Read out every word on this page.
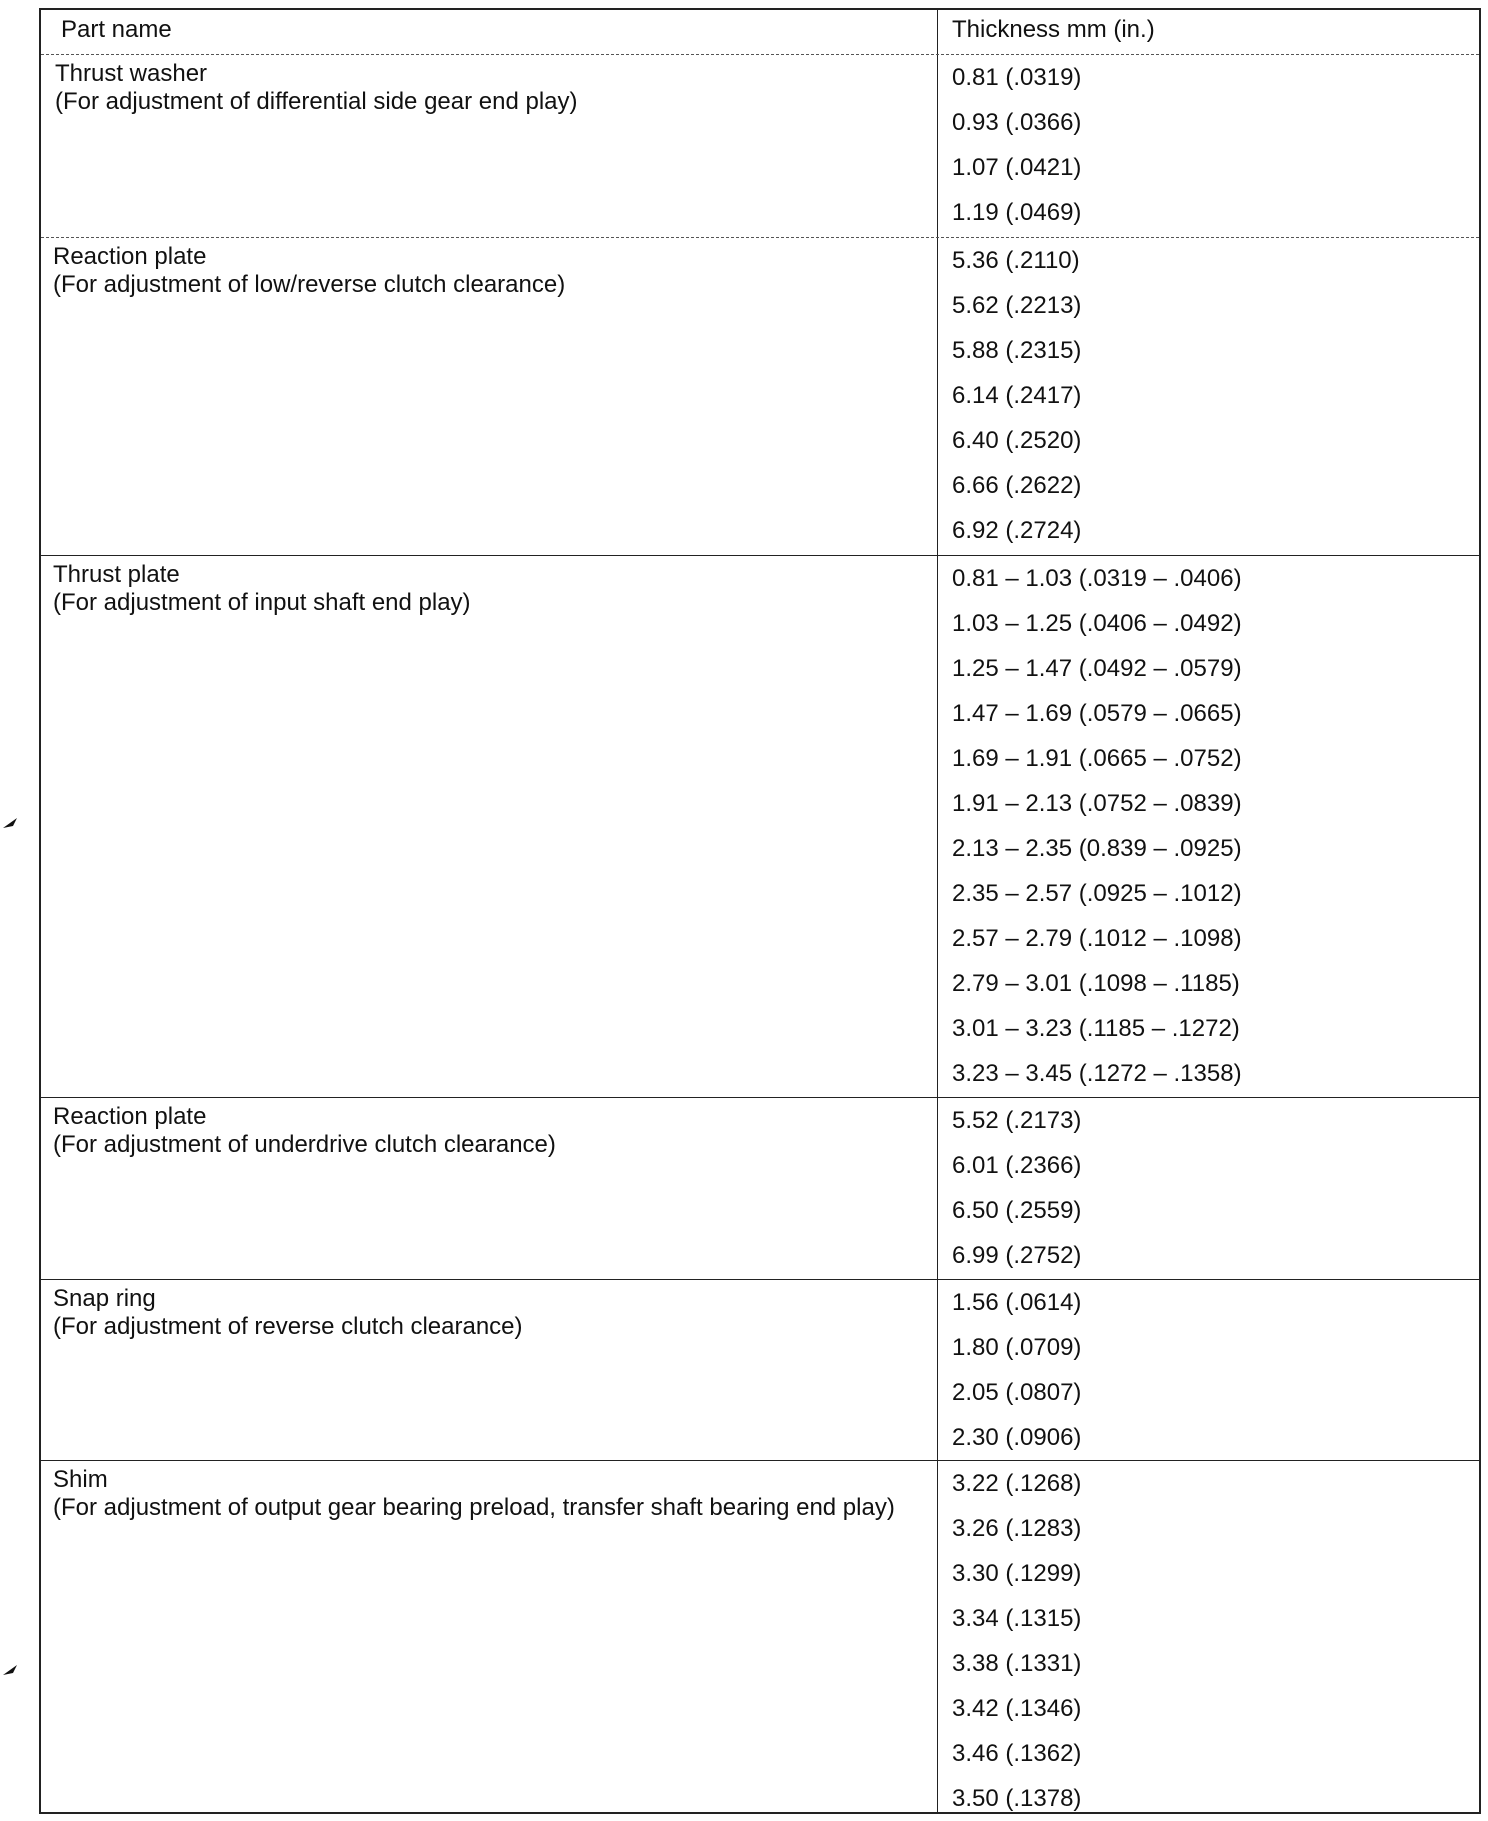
Part name	Thickness mm (in.)
Thrust washer
(For adjustment of differential side gear end play)
0.81 (.0319)
0.93 (.0366)
1.07 (.0421)
1.19 (.0469)
Reaction plate
(For adjustment of low/reverse clutch clearance)
5.36 (.2110)
5.62 (.2213)
5.88 (.2315)
6.14 (.2417)
6.40 (.2520)
6.66 (.2622)
6.92 (.2724)
Thrust plate
(For adjustment of input shaft end play)
0.81 – 1.03 (.0319 – .0406)
1.03 – 1.25 (.0406 – .0492)
1.25 – 1.47 (.0492 – .0579)
1.47 – 1.69 (.0579 – .0665)
1.69 – 1.91 (.0665 – .0752)
1.91 – 2.13 (.0752 – .0839)
2.13 – 2.35 (0.839 – .0925)
2.35 – 2.57 (.0925 – .1012)
2.57 – 2.79 (.1012 – .1098)
2.79 – 3.01 (.1098 – .1185)
3.01 – 3.23 (.1185 – .1272)
3.23 – 3.45 (.1272 – .1358)
Reaction plate
(For adjustment of underdrive clutch clearance)
5.52 (.2173)
6.01 (.2366)
6.50 (.2559)
6.99 (.2752)
Snap ring
(For adjustment of reverse clutch clearance)
1.56 (.0614)
1.80 (.0709)
2.05 (.0807)
2.30 (.0906)
Shim
(For adjustment of output gear bearing preload, transfer shaft bearing end play)
3.22 (.1268)
3.26 (.1283)
3.30 (.1299)
3.34 (.1315)
3.38 (.1331)
3.42 (.1346)
3.46 (.1362)
3.50 (.1378)
